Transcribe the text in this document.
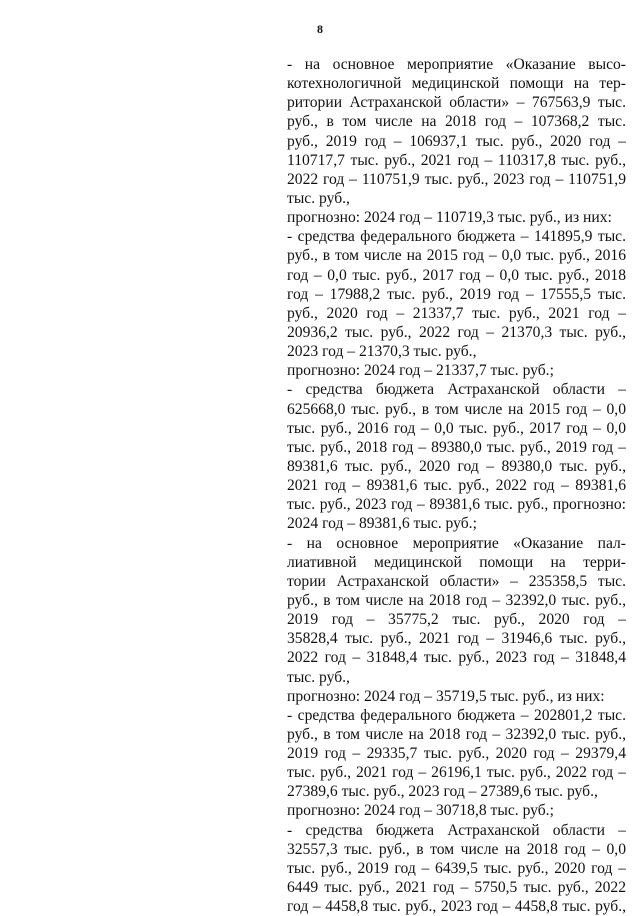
8
- на основное мероприятие «Оказание высо-
котехнологичной медицинской помощи на тер-
ритории Астраханской области» – 767563,9 тыс.
руб., в том числе на 2018 год – 107368,2 тыс.
руб., 2019 год – 106937,1 тыс. руб., 2020 год –
110717,7 тыс. руб., 2021 год – 110317,8 тыс. руб.,
2022 год – 110751,9 тыс. руб., 2023 год – 110751,9
тыс. руб.,
прогнозно: 2024 год – 110719,3 тыс. руб., из них:
- средства федерального бюджета – 141895,9 тыс.
руб., в том числе на 2015 год – 0,0 тыс. руб., 2016
год – 0,0 тыс. руб., 2017 год – 0,0 тыс. руб., 2018
год – 17988,2 тыс. руб., 2019 год – 17555,5 тыс.
руб., 2020 год – 21337,7 тыс. руб., 2021 год –
20936,2 тыс. руб., 2022 год – 21370,3 тыс. руб.,
2023 год – 21370,3 тыс. руб.,
прогнозно: 2024 год – 21337,7 тыс. руб.;
- средства бюджета Астраханской области –
625668,0 тыс. руб., в том числе на 2015 год – 0,0
тыс. руб., 2016 год – 0,0 тыс. руб., 2017 год – 0,0
тыс. руб., 2018 год – 89380,0 тыс. руб., 2019 год –
89381,6 тыс. руб., 2020 год – 89380,0 тыс. руб.,
2021 год – 89381,6 тыс. руб., 2022 год – 89381,6
тыс. руб., 2023 год – 89381,6 тыс. руб., прогнозно:
2024 год – 89381,6 тыс. руб.;
- на основное мероприятие «Оказание пал-
лиативной медицинской помощи на терри-
тории Астраханской области» – 235358,5 тыс.
руб., в том числе на 2018 год – 32392,0 тыс. руб.,
2019 год – 35775,2 тыс. руб., 2020 год –
35828,4 тыс. руб., 2021 год – 31946,6 тыс. руб.,
2022 год – 31848,4 тыс. руб., 2023 год – 31848,4
тыс. руб.,
прогнозно: 2024 год – 35719,5 тыс. руб., из них:
- средства федерального бюджета – 202801,2 тыс.
руб., в том числе на 2018 год – 32392,0 тыс. руб.,
2019 год – 29335,7 тыс. руб., 2020 год – 29379,4
тыс. руб., 2021 год – 26196,1 тыс. руб., 2022 год –
27389,6 тыс. руб., 2023 год – 27389,6 тыс. руб.,
прогнозно: 2024 год – 30718,8 тыс. руб.;
- средства бюджета Астраханской области –
32557,3 тыс. руб., в том числе на 2018 год – 0,0
тыс. руб., 2019 год – 6439,5 тыс. руб., 2020 год –
6449 тыс. руб., 2021 год – 5750,5 тыс. руб., 2022
год – 4458,8 тыс. руб., 2023 год – 4458,8 тыс. руб.,
